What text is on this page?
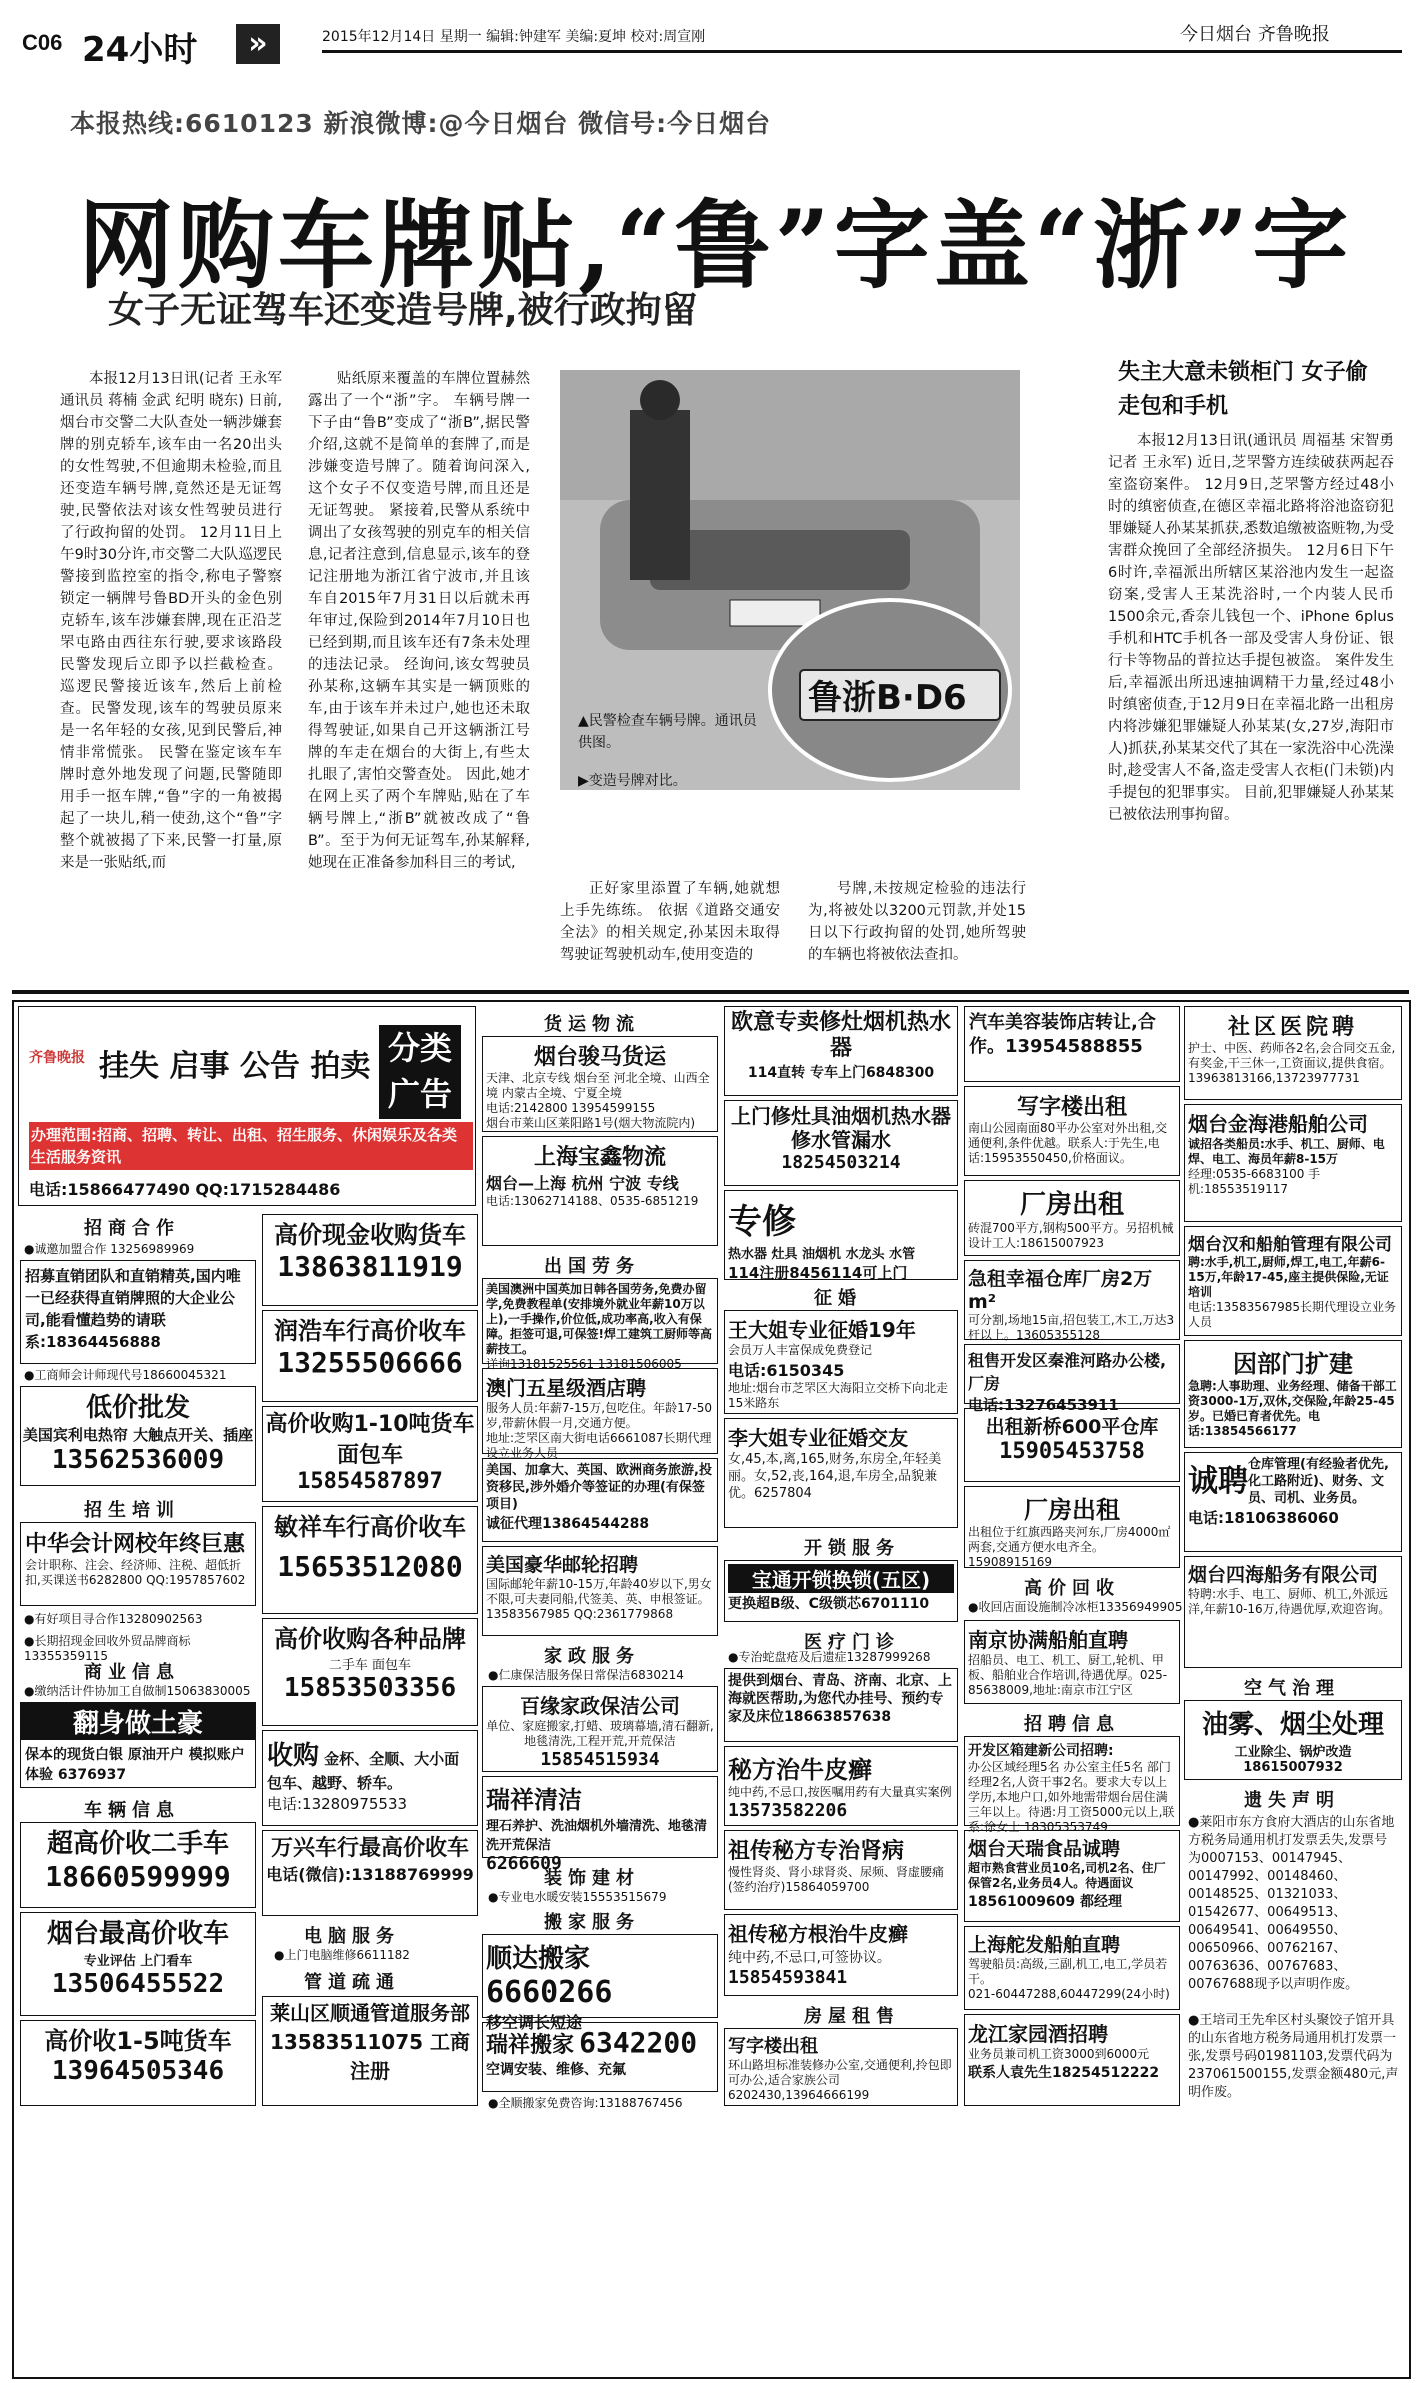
C06 24小时	»	2015年12月14日 星期一 编辑:钟建军 美编:夏坤 校对:周宣刚	今日烟台 齐鲁晚报
本报热线:6610123 新浪微博:@今日烟台 微信号:今日烟台
网购车牌贴,“鲁”字盖“浙”字
女子无证驾车还变造号牌,被行政拘留

本报12月13日讯(记者 王永军 通讯员 蒋楠 金武 纪明 晓东) 日前,烟台市交警二大队查处一辆涉嫌套牌的别克轿车,该车由一名20出头的女性驾驶,不但逾期未检验,而且还变造车辆号牌,竟然还是无证驾驶,民警依法对该女性驾驶员进行了行政拘留的处罚。 12月11日上午9时30分许,市交警二大队巡逻民警接到监控室的指令,称电子警察锁定一辆牌号鲁BD开头的金色别克轿车,该车涉嫌套牌,现在正沿芝罘屯路由西往东行驶,要求该路段民警发现后立即予以拦截检查。 巡逻民警接近该车,然后上前检查。民警发现,该车的驾驶员原来是一名年轻的女孩,见到民警后,神情非常慌张。 民警在鉴定该车车牌时意外地发现了问题,民警随即用手一抠车牌,“鲁”字的一角被揭起了一块儿,稍一使劲,这个“鲁”字整个就被揭了下来,民警一打量,原来是一张贴纸,而

贴纸原来覆盖的车牌位置赫然露出了一个“浙”字。 车辆号牌一下子由“鲁B”变成了“浙B”,据民警介绍,这就不是简单的套牌了,而是涉嫌变造号牌了。随着询问深入,这个女子不仅变造号牌,而且还是无证驾驶。 紧接着,民警从系统中调出了女孩驾驶的别克车的相关信息,记者注意到,信息显示,该车的登记注册地为浙江省宁波市,并且该车自2015年7月31日以后就未再年审过,保险到2014年7月10日也已经到期,而且该车还有7条未处理的违法记录。 经询问,该女驾驶员孙某称,这辆车其实是一辆顶账的车,由于该车并未过户,她也还未取得驾驶证,如果自己开这辆浙江号牌的车走在烟台的大街上,有些太扎眼了,害怕交警查处。 因此,她才在网上买了两个车牌贴,贴在了车辆号牌上,“浙B”就被改成了“鲁B”。至于为何无证驾车,孙某解释,她现在正准备参加科目三的考试,

正好家里添置了车辆,她就想上手先练练。 依据《道路交通安全法》的相关规定,孙某因未取得驾驶证驾驶机动车,使用变造的

号牌,未按规定检验的违法行为,将被处以3200元罚款,并处15日以下行政拘留的处罚,她所驾驶的车辆也将被依法查扣。

鲁浙B·D6
▲民警检查车辆号牌。通讯员供图。
▶变造号牌对比。
失主大意未锁柜门 女子偷走包和手机

本报12月13日讯(通讯员 周福基 宋智勇 记者 王永军) 近日,芝罘警方连续破获两起吞室盗窃案件。 12月9日,芝罘警方经过48小时的缜密侦查,在德区幸福北路将浴池盗窃犯罪嫌疑人孙某某抓获,悉数追缴被盗赃物,为受害群众挽回了全部经济损失。 12月6日下午6时许,幸福派出所辖区某浴池内发生一起盗窃案,受害人王某洗浴时,一个内装人民币1500余元,香奈儿钱包一个、iPhone 6plus手机和HTC手机各一部及受害人身份证、银行卡等物品的普拉达手提包被盗。 案件发生后,幸福派出所迅速抽调精干力量,经过48小时缜密侦查,于12月9日在幸福北路一出租房内将涉嫌犯罪嫌疑人孙某某(女,27岁,海阳市人)抓获,孙某某交代了其在一家洗浴中心洗澡时,趁受害人不备,盗走受害人衣柜(门未锁)内手提包的犯罪事实。 目前,犯罪嫌疑人孙某某已被依法刑事拘留。

齐鲁晚报 挂失 启事 公告 拍卖 分类广告
办理范围:招商、招聘、转让、出租、招生服务、休闲娱乐及各类生活服务资讯
电话:15866477490 QQ:1715284486
招商合作
●诚邀加盟合作 13256989969
招募直销团队和直销精英,国内唯一已经获得直销牌照的大企业公司,能看懂趋势的请联系:18364456888
●工商师会计师现代号18660045321
低价批发
美国宾利电热帘 大触点开关、插座
13562536009
招生培训
中华会计网校年终巨惠
会计职称、注会、经济师、注税、超低折扣,买课送书6282800 QQ:1957857602
●有好项目寻合作13280902563
●长期招现金回收外贸品牌商标 13355359115
商业信息
●缴纳活计件协加工自做制15063830005
翻身做土豪
保本的现货白银 原油开户 模拟账户体验 6376937
车辆信息
超高价收二手车
18660599999
烟台最高价收车
专业评估 上门看车
13506455522
高价收1-5吨货车
13964505346
高价现金收购货车
13863811919
润浩车行高价收车
13255506666
高价收购1-10吨货车面包车
15854587897
敏祥车行高价收车
15653512080
高价收购各种品牌
二手车 面包车
15853503356
收购 金杯、全顺、大小面包车、越野、轿车。
电话:13280975533
万兴车行最高价收车
电话(微信):13188769999
电脑服务
●上门电脑维修6611182
管道疏通
莱山区顺通管道服务部
13583511075 工商注册
货运物流
烟台骏马货运
天津、北京专线 烟台至 河北全境、山西全境 内蒙古全境、宁夏全境
电话:2142800 13954599155
烟台市莱山区莱阳路1号(烟大物流院内)
上海宝鑫物流
烟台—上海 杭州 宁波 专线
电话:13062714188、0535-6851219
出国劳务
美国澳洲中国英加日韩各国劳务,免费办留学,免费教程单(安排境外就业年薪10万以上),一手操作,价位低,成功率高,收入有保障。拒签可退,可保签!焊工建筑工厨师等高薪技工。
详询13181525561 13181506005
澳门五星级酒店聘
服务人员:年薪7-15万,包吃住。年龄17-50岁,带薪休假一月,交通方便。
地址:芝罘区南大街电话6661087长期代理设立业务人员
美国、加拿大、英国、欧洲商务旅游,投资移民,涉外婚介等签证的办理(有保签项目)
诚征代理13864544288
美国豪华邮轮招聘
国际邮轮年薪10-15万,年龄40岁以下,男女不限,可夫妻同船,代签美、英、申根签证。
13583567985 QQ:2361779868
家政服务
●仁康保洁服务保日常保洁6830214
百缘家政保洁公司
单位、家庭搬家,打蜡、玻璃幕墙,清石翻新,地毯清洗,工程开荒,开荒保洁
15854515934
瑞祥清洁
理石养护、洗油烟机外墙清洗、地毯清洗开荒保洁
6266609
装饰建材
●专业电水暖安装15553515679
搬家服务
顺达搬家 6660266
移空调长短途
瑞祥搬家 6342200
空调安装、维修、充氟
●全顺搬家免费咨询:13188767456
欧意专卖修灶烟机热水器
114直转 专车上门6848300
上门修灶具油烟机热水器修水管漏水
18254503214
专修
热水器 灶具 油烟机 水龙头 水管
114注册8456114可上门
征婚
王大姐专业征婚19年
会员万人丰富保成免费登记
电话:6150345
地址:烟台市芝罘区大海阳立交桥下向北走15米路东
李大姐专业征婚交友
女,45,本,离,165,财务,东房全,年轻美丽。女,52,丧,164,退,车房全,品貌兼优。6257804
开锁服务
宝通开锁换锁(五区)
更换超B级、C级锁芯6701110
医疗门诊
●专治蛇盘疮及后遗症13287999268
提供到烟台、青岛、济南、北京、上海就医帮助,为您代办挂号、预约专家及床位18663857638
秘方治牛皮癣
纯中药,不忌口,按医嘱用药有大量真实案例
13573582206
祖传秘方专治肾病
慢性肾炎、肾小球肾炎、尿频、肾虚腰痛(签约治疗)15864059700
祖传秘方根治牛皮癣
纯中药,不忌口,可签协议。
15854593841
房屋租售
写字楼出租
环山路坦标准装修办公室,交通便利,拎包即可办公,适合家族公司6202430,13964666199
汽车美容装饰店转让,合作。13954588855
写字楼出租
南山公园南面80平办公室对外出租,交通便利,条件优越。联系人:于先生,电话:15953550450,价格面议。
厂房出租
砖混700平方,钢构500平方。另招机械设计工人:18615007923
急租幸福仓库厂房2万m²
可分割,场地15亩,招包装工,木工,万达3杆以上。13605355128
租售开发区秦淮河路办公楼,厂房
电话:13276453911
出租新桥600平仓库
15905453758
厂房出租
出租位于红旗西路夹河东,厂房4000㎡两套,交通方便水电齐全。15908915169
高价回收
●收回店面设施制冷冰柜13356949905
南京协满船舶直聘
招船员、电工、机工、厨工,轮机、甲板、船舶业合作培训,待遇优厚。025-85638009,地址:南京市江宁区
招聘信息
开发区箱建新公司招聘:
办公区域经理5名 办公室主任5名 部门经理2名,人资干事2名。要求大专以上学历,本地户口,如外地需带烟台居住满三年以上。待遇:月工资5000元以上,联系:徐女士 18305353749
烟台天瑞食品诚聘
超市熟食营业员10名,司机2名、住厂保管2名,业务员4人。待遇面议
18561009609 都经理
上海舵发船舶直聘
驾驶船员:高级,三副,机工,电工,学员若干。
021-60447288,60447299(24小时)
龙江家园酒招聘
业务员兼司机工资3000到6000元
联系人袁先生18254512222
社区医院聘
护士、中医、药师各2名,会合同交五金,有奖金,干三休一,工资面议,提供食宿。
13963813166,13723977731
烟台金海港船舶公司
诚招各类船员:水手、机工、厨师、电焊、电工、海员年薪8-15万
经理:0535-6683100 手机:18553519117
烟台汉和船舶管理有限公司
聘:水手,机工,厨师,焊工,电工,年薪6-15万,年龄17-45,座主提供保险,无证培训
电话:13583567985长期代理设立业务人员
因部门扩建
急聘:人事助理、业务经理、储备干部工资3000-1万,双休,交保险,年龄25-45岁。已婚已育者优先。电话:13854566177
诚聘 仓库管理(有经验者优先,化工路附近)、财务、文员、司机、业务员。
电话:18106386060
烟台四海船务有限公司
特聘:水手、电工、厨师、机工,外派远洋,年薪10-16万,待遇优厚,欢迎咨询。
空气治理
油雾、烟尘处理
工业除尘、锅炉改造18615007932
遗失声明
●莱阳市东方食府大酒店的山东省地方税务局通用机打发票丢失,发票号为0007153、00147945、00147992、00148460、00148525、01321033、01542677、00649513、00649541、00649550、00650966、00762167、00763636、00767683、00767688现予以声明作废。
●王培司王先牟区村头聚饺子馆开具的山东省地方税务局通用机打发票一张,发票号码01981103,发票代码为237061500155,发票金额480元,声明作废。
